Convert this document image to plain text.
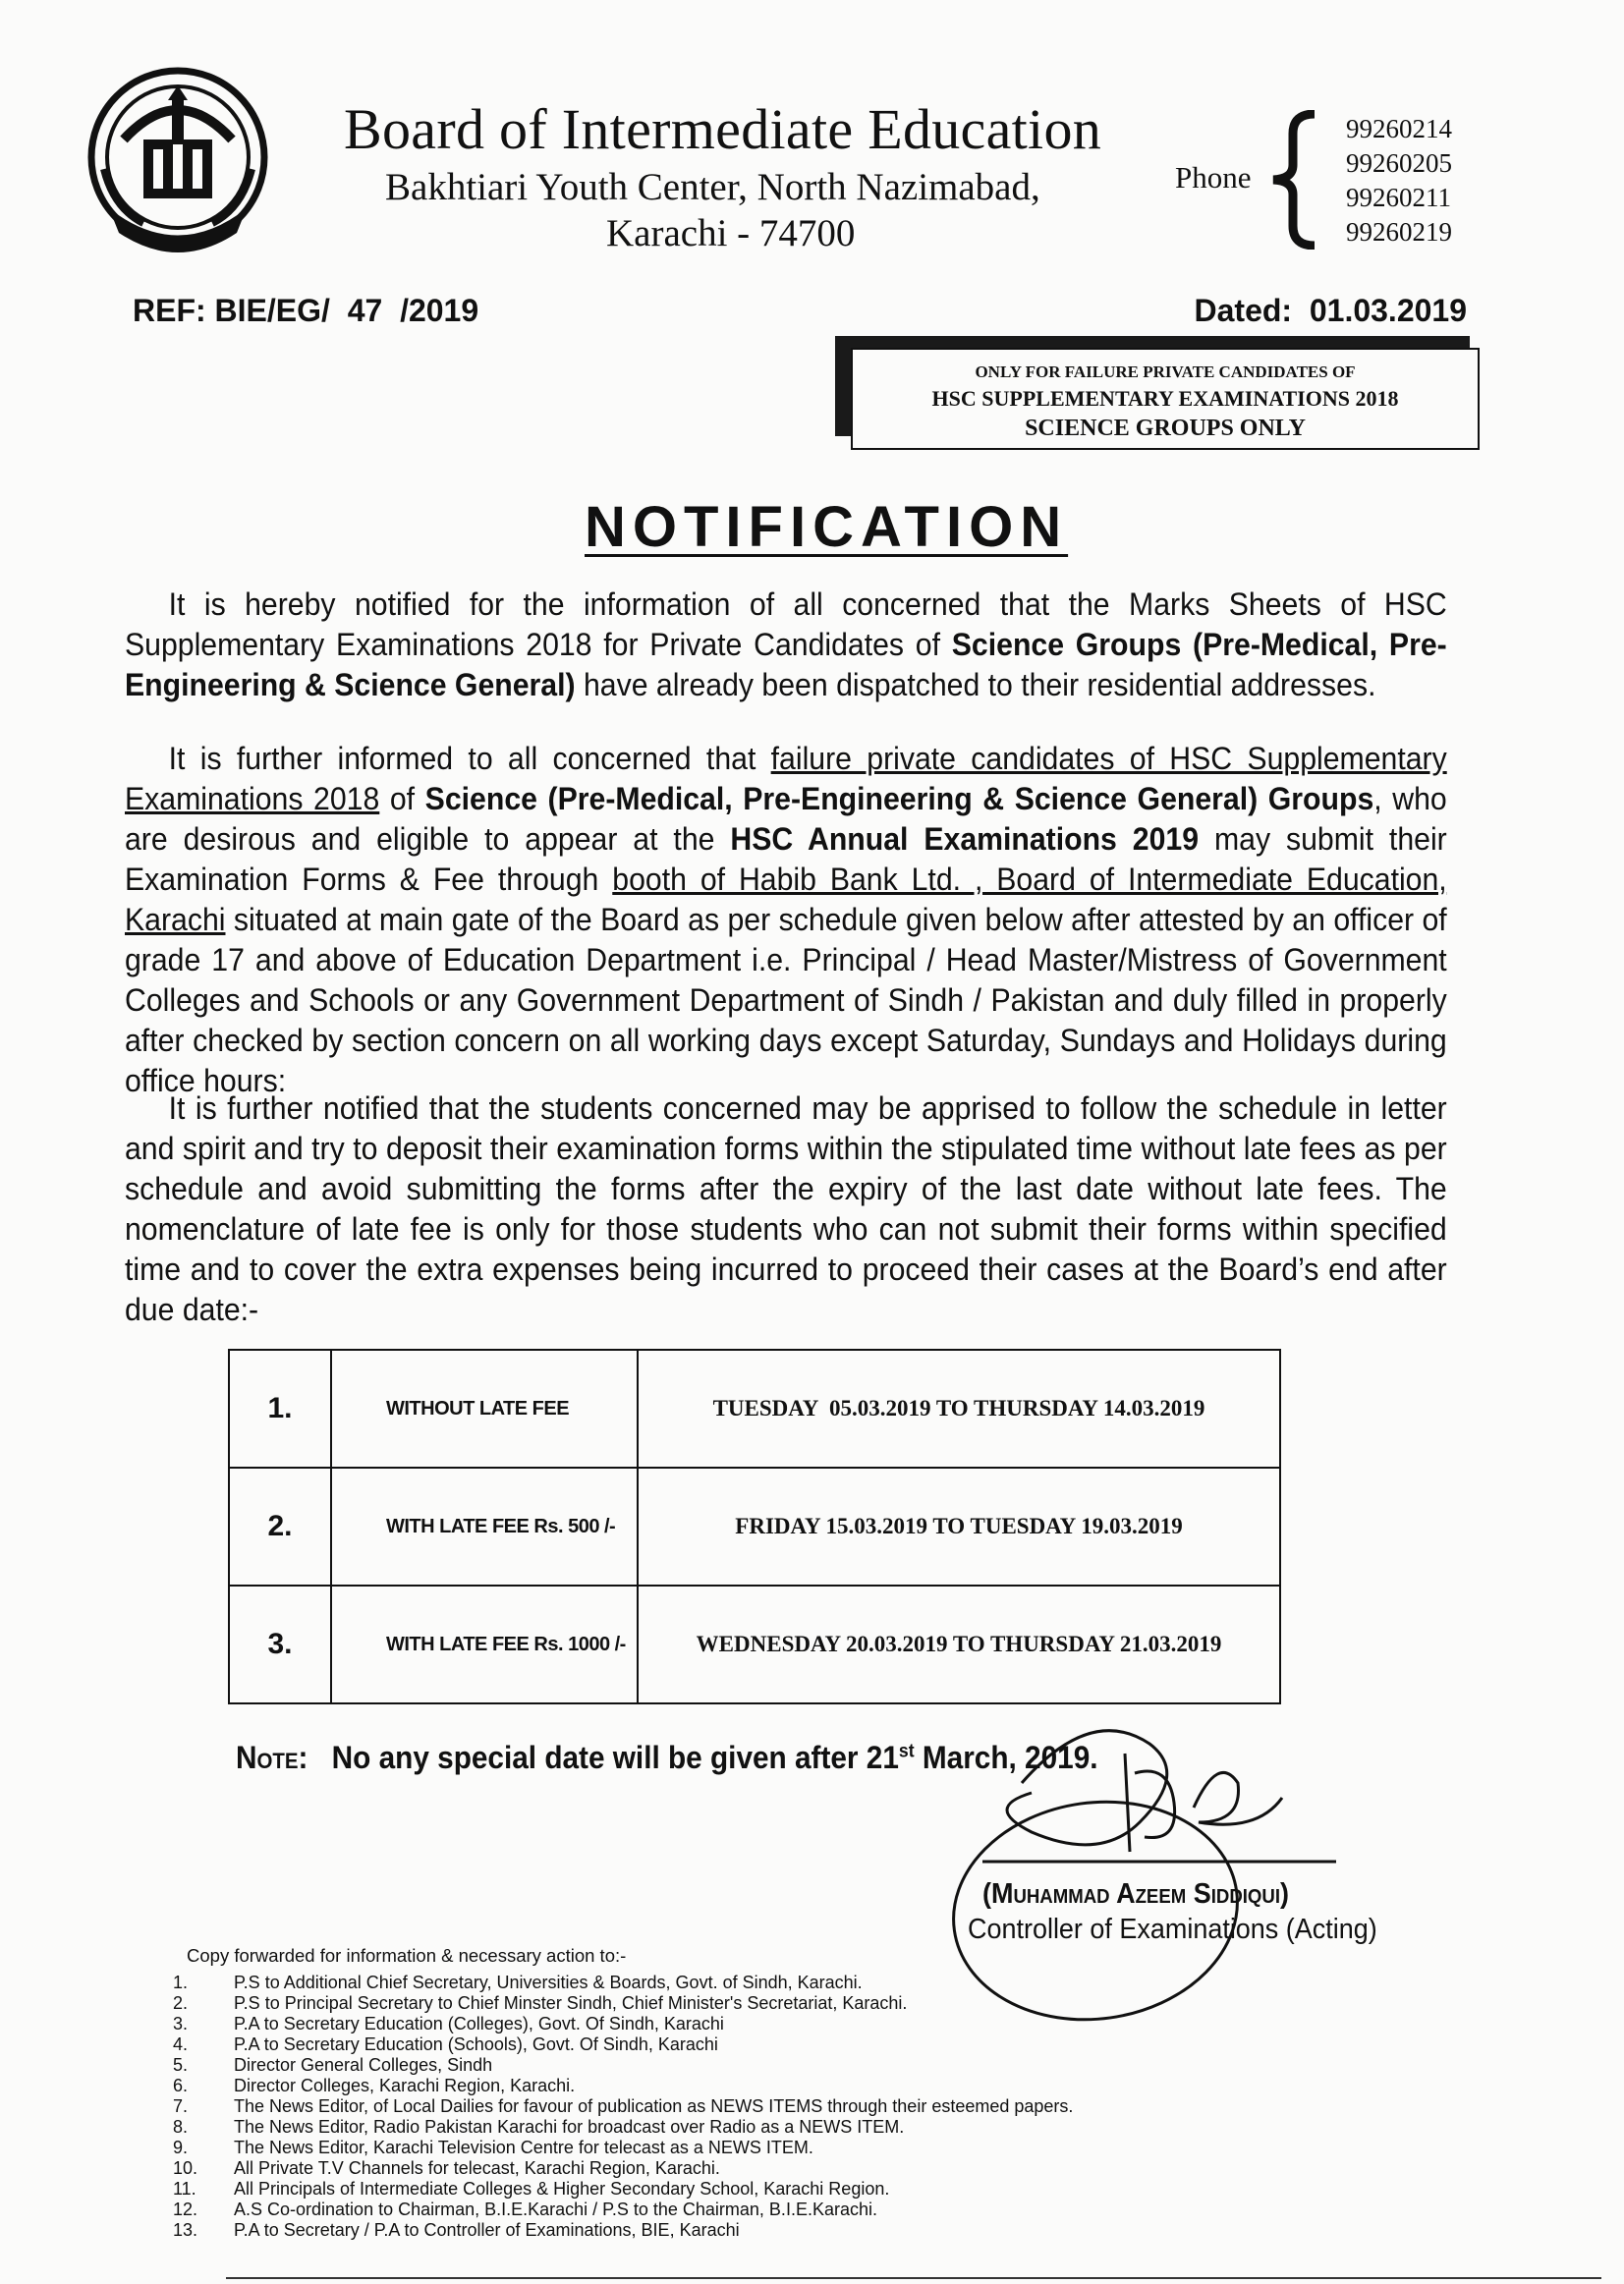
Board of Intermediate Education
Bakhtiari Youth Center, North Nazimabad,
Karachi - 74700
Phone
99260214
99260205
99260211
99260219
REF: BIE/EG/  47  /2019	Dated:  01.03.2019
ONLY FOR FAILURE PRIVATE CANDIDATES OF
HSC SUPPLEMENTARY EXAMINATIONS 2018
SCIENCE GROUPS ONLY
NOTIFICATION
It is hereby notified for the information of all concerned that the Marks Sheets of HSC Supplementary Examinations 2018 for Private Candidates of Science Groups (Pre-Medical, Pre-Engineering & Science General) have already been dispatched to their residential addresses.
It is further informed to all concerned that failure private candidates of HSC Supplementary Examinations 2018 of Science (Pre-Medical, Pre-Engineering & Science General) Groups, who are desirous and eligible to appear at the HSC Annual Examinations 2019 may submit their Examination Forms & Fee through booth of Habib Bank Ltd. , Board of Intermediate Education, Karachi situated at main gate of the Board as per schedule given below after attested by an officer of grade 17 and above of Education Department i.e. Principal / Head Master/Mistress of Government Colleges and Schools or any Government Department of Sindh / Pakistan and duly filled in properly after checked by section concern on all working days except Saturday, Sundays and Holidays during office hours:
It is further notified that the students concerned may be apprised to follow the schedule in letter and spirit and try to deposit their examination forms within the stipulated time without late fees as per schedule and avoid submitting the forms after the expiry of the last date without late fees. The nomenclature of late fee is only for those students who can not submit their forms within specified time and to cover the extra expenses being incurred to proceed their cases at the Board’s end after due date:-
1.	WITHOUT LATE FEE	TUESDAY  05.03.2019 TO THURSDAY 14.03.2019
2.	WITH LATE FEE Rs. 500 /-	FRIDAY 15.03.2019 TO TUESDAY 19.03.2019
3.	WITH LATE FEE Rs. 1000 /-	WEDNESDAY 20.03.2019 TO THURSDAY 21.03.2019
Note: No any special date will be given after 21st March, 2019.
(Muhammad Azeem Siddiqui)
Controller of Examinations (Acting)
Copy forwarded for information & necessary action to:-
1.	P.S to Additional Chief Secretary, Universities & Boards, Govt. of Sindh, Karachi.
2.	P.S to Principal Secretary to Chief Minster Sindh, Chief Minister's Secretariat, Karachi.
3.	P.A to Secretary Education (Colleges), Govt. Of Sindh, Karachi
4.	P.A to Secretary Education (Schools), Govt. Of Sindh, Karachi
5.	Director General Colleges, Sindh
6.	Director Colleges, Karachi Region, Karachi.
7.	The News Editor, of Local Dailies for favour of publication as NEWS ITEMS through their esteemed papers.
8.	The News Editor, Radio Pakistan Karachi for broadcast over Radio as a NEWS ITEM.
9.	The News Editor, Karachi Television Centre for telecast as a NEWS ITEM.
10. All Private T.V Channels for telecast, Karachi Region, Karachi.
11. All Principals of Intermediate Colleges & Higher Secondary School, Karachi Region.
12. A.S Co-ordination to Chairman, B.I.E.Karachi / P.S to the Chairman, B.I.E.Karachi.
13. P.A to Secretary / P.A to Controller of Examinations, BIE, Karachi
